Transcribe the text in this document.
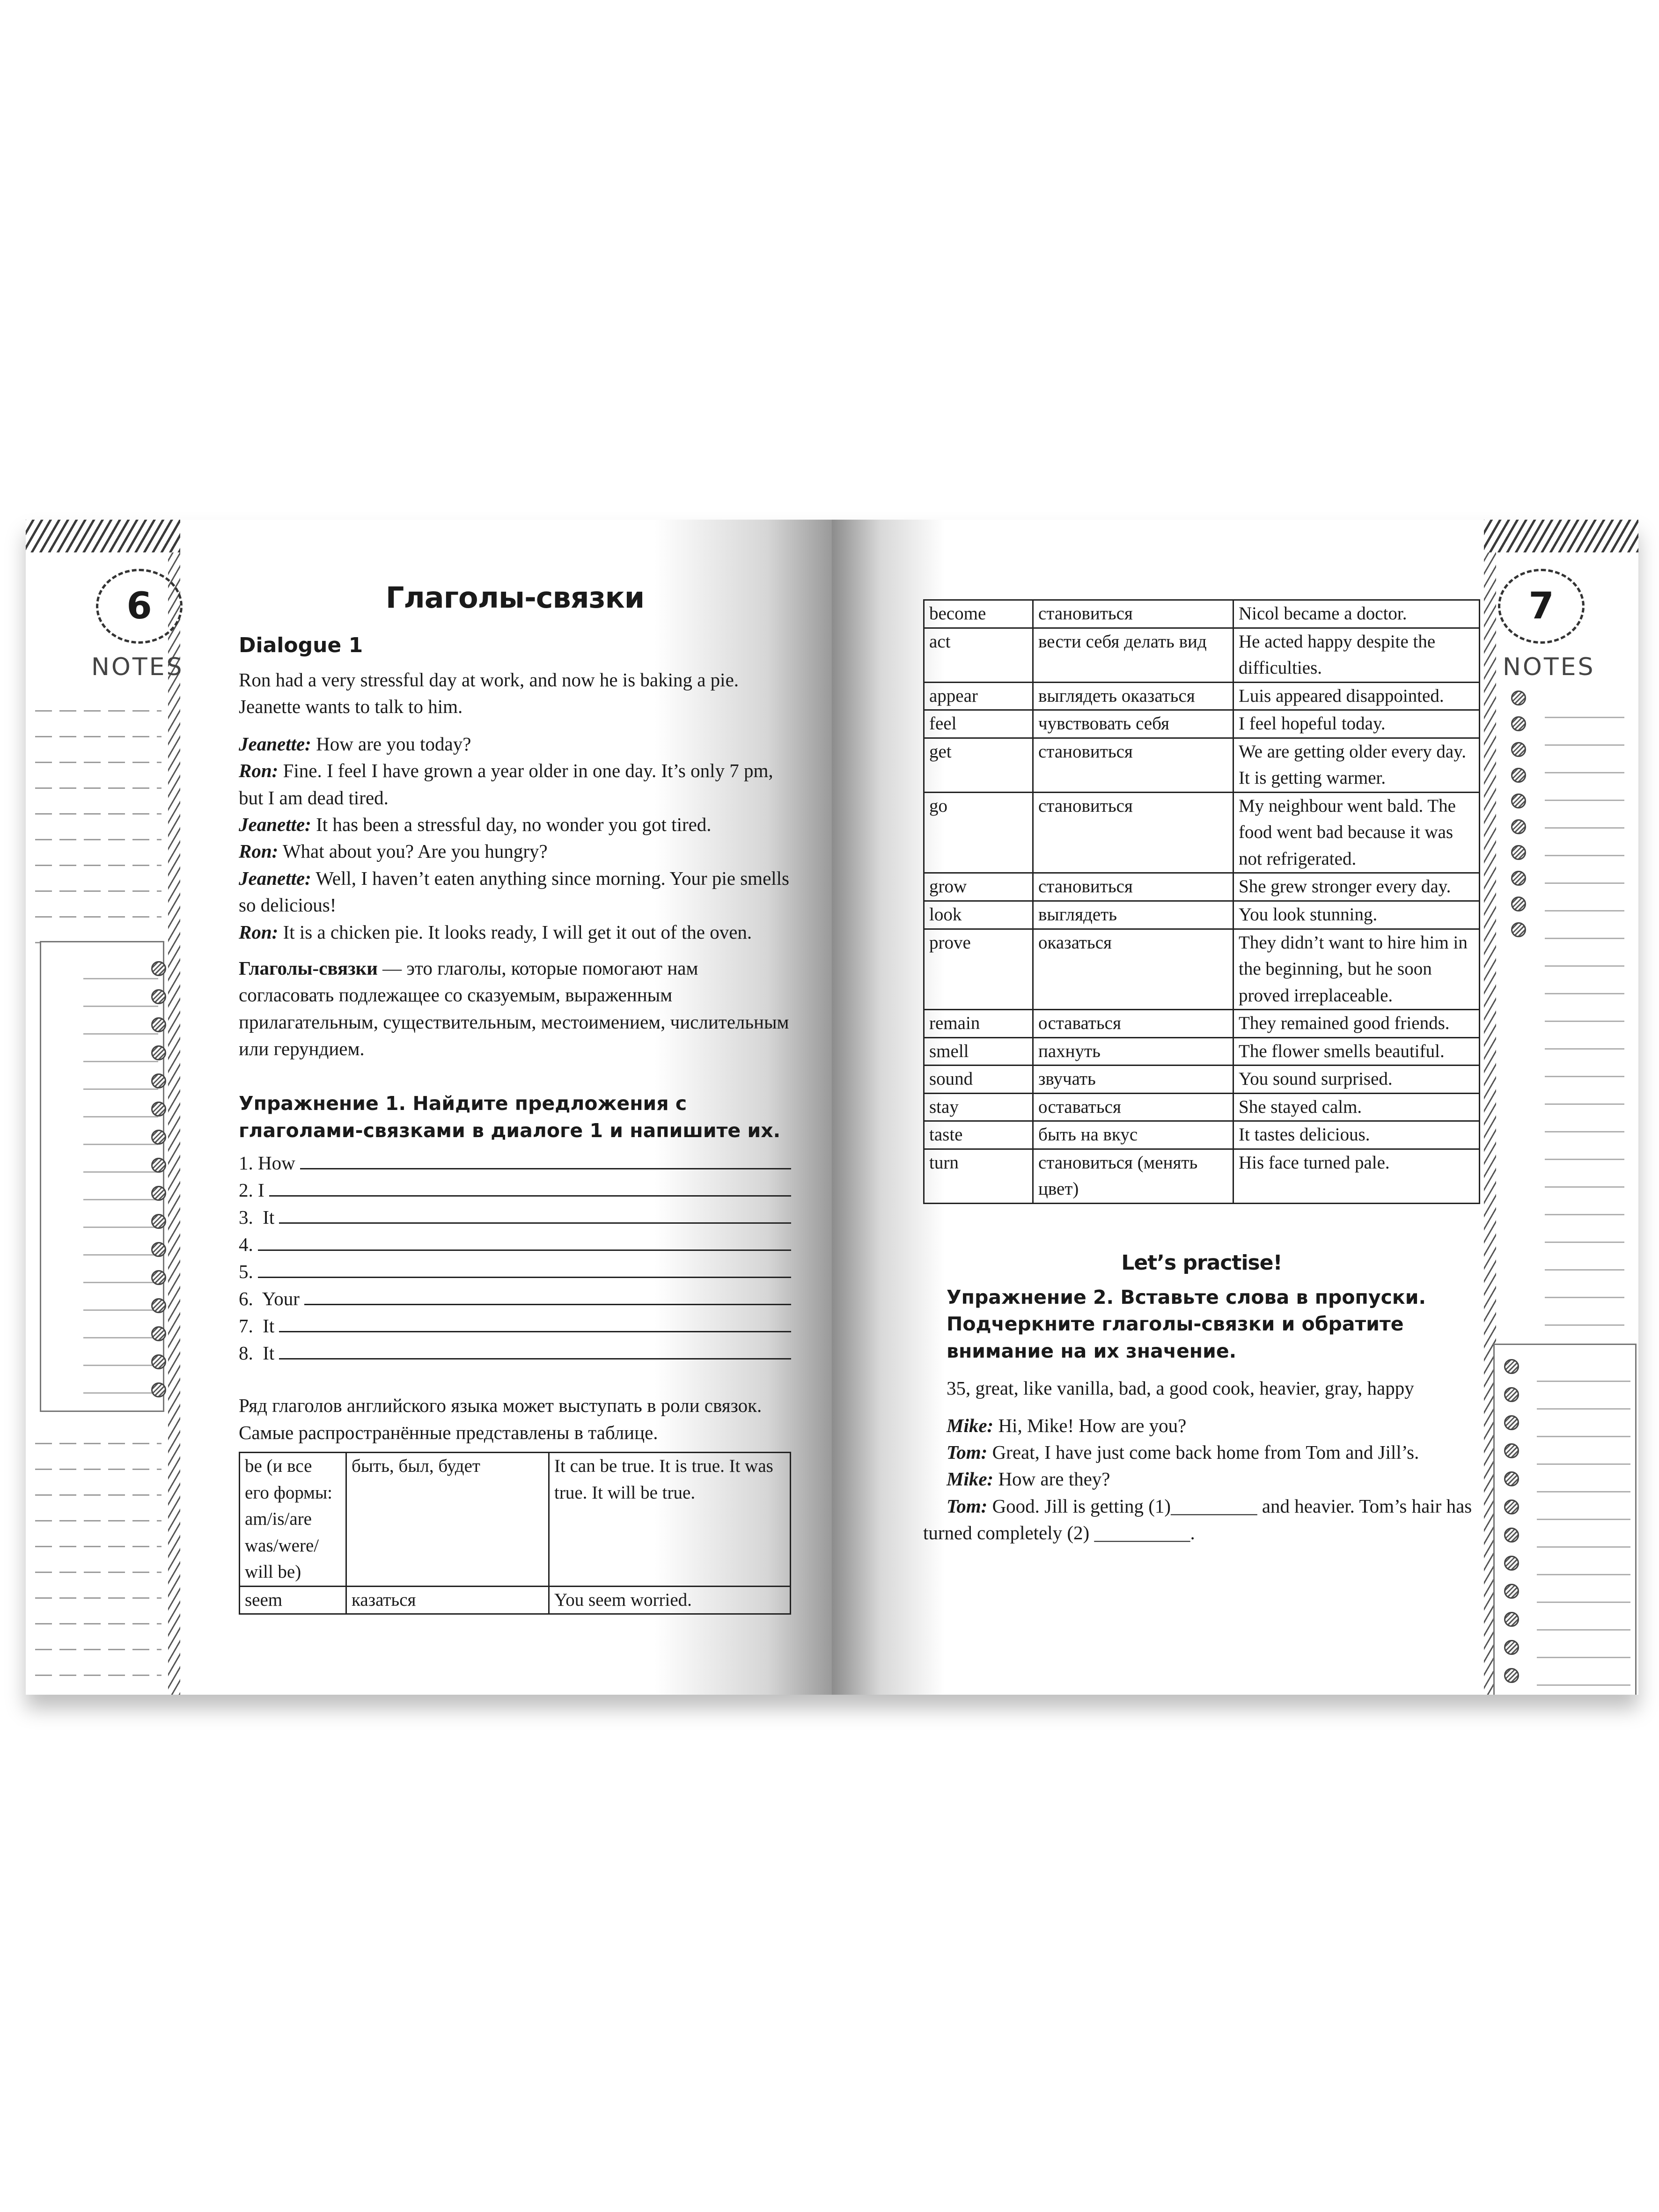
6
NOTES
Глаголы-связки
Dialogue 1

Ron had a very stressful day at work, and now he is baking a pie. Jeanette wants to talk to him.

Jeanette: How are you today?

Ron: Fine. I feel I have grown a year older in one day. It’s only 7 pm, but I am dead tired.

Jeanette: It has been a stressful day, no wonder you got tired.

Ron: What about you? Are you hungry?

Jeanette: Well, I haven’t eaten anything since morning. Your pie smells so delicious!

Ron: It is a chicken pie. It looks ready, I will get it out of the oven.

Глаголы-связки — это глаголы, которые помогают нам согласовать подлежащее со сказуемым, выраженным прилагательным, существительным, местоимением, числительным или герундием.

Упражнение 1. Найдите предложения с глаголами-связками в диалоге 1 и напишите их.
1. How
2. I
3.  It
4.
5.
6.  Your
7.  It
8.  It

Ряд глаголов английского языка может выступать в роли связок. Самые распространённые представлены в таблице.

be (и все его формы: am/is/are was/were/ will be)	быть, был, будет	It can be true. It is true. It was true. It will be true.
seem	казаться	You seem worried.
7
NOTES
become	становиться	Nicol became a doctor.
act	вести себя делать вид	He acted happy despite the difficulties.
appear	выглядеть оказаться	Luis appeared disappointed.
feel	чувствовать себя	I feel hopeful today.
get	становиться	We are getting older every day. It is getting warmer.
go	становиться	My neighbour went bald. The food went bad because it was not refrigerated.
grow	становиться	She grew stronger every day.
look	выглядеть	You look stunning.
prove	оказаться	They didn’t want to hire him in the beginning, but he soon proved irreplaceable.
remain	оставаться	They remained good friends.
smell	пахнуть	The flower smells beautiful.
sound	звучать	You sound surprised.
stay	оставаться	She stayed calm.
taste	быть на вкус	It tastes delicious.
turn	становиться (менять цвет)	His face turned pale.
Let’s practise!
Упражнение 2. Вставьте слова в пропуски. Подчеркните глаголы-связки и обратите внимание на их значение.

35, great, like vanilla, bad, a good cook, heavier, gray, happy

Mike: Hi, Mike! How are you?

Tom: Great, I have just come back home from Tom and Jill’s.

Mike: How are they?

Tom: Good. Jill is getting (1)_________ and heavier. Tom’s hair has turned completely (2) __________.
